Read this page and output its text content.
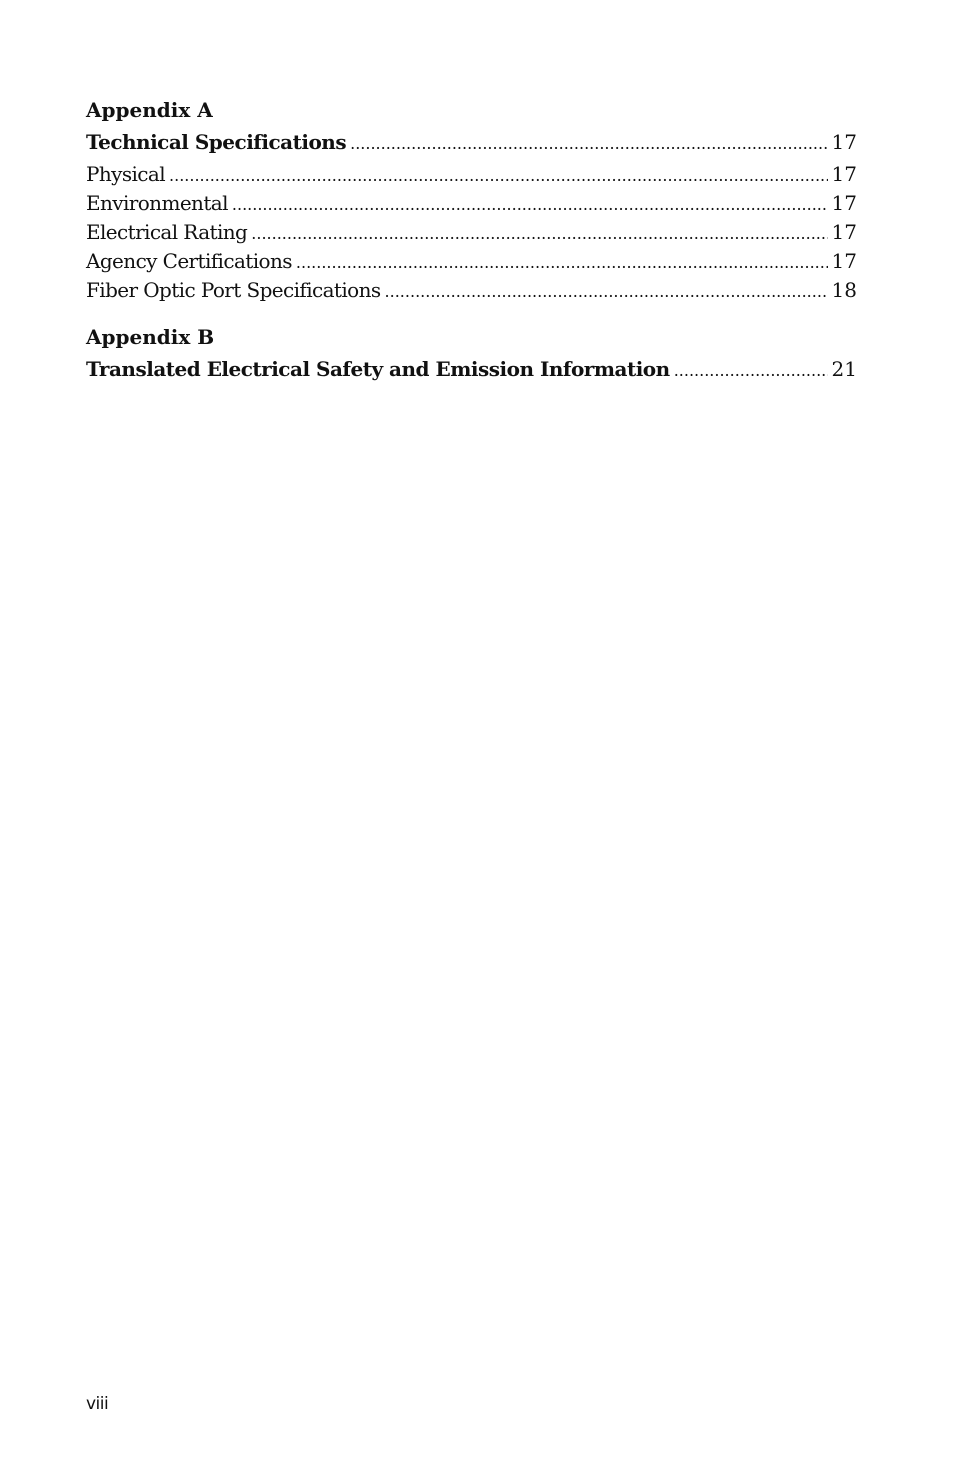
Appendix A
Technical Specifications .....	17
Physical .....	17
Environmental .....	17
Electrical Rating .....	17
Agency Certifications .....	17
Fiber Optic Port Specifications .....	18
Appendix B
Translated Electrical Safety and Emission Information .....	21
viii
